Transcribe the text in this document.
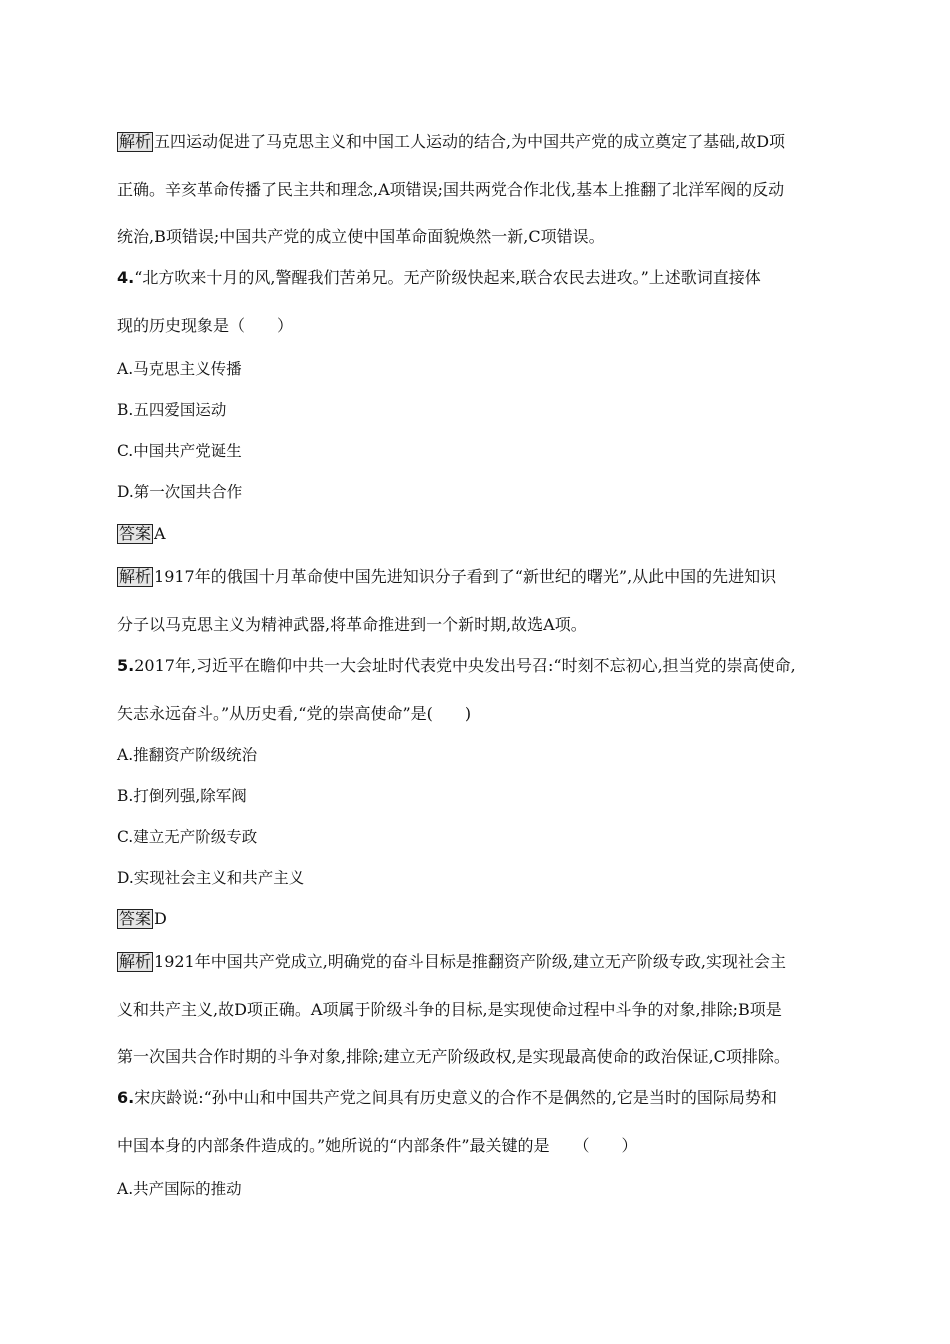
解析 五四运动促进了马克思主义和中国工人运动的结合,为中国共产党的成立奠定了基础,故D项
正确。辛亥革命传播了民主共和理念,A项错误;国共两党合作北伐,基本上推翻了北洋军阀的反动
统治,B项错误;中国共产党的成立使中国革命面貌焕然一新,C项错误。
4.“北方吹来十月的风,警醒我们苦弟兄。无产阶级快起来,联合农民去进攻。”上述歌词直接体
现的历史现象是（　　）
A.马克思主义传播
B.五四爱国运动
C.中国共产党诞生
D.第一次国共合作
答案 A
解析 1917年的俄国十月革命使中国先进知识分子看到了“新世纪的曙光”,从此中国的先进知识
分子以马克思主义为精神武器,将革命推进到一个新时期,故选A项。
5.2017年,习近平在瞻仰中共一大会址时代表党中央发出号召:“时刻不忘初心,担当党的崇高使命,
矢志永远奋斗。”从历史看,“党的崇高使命”是(　　)
A.推翻资产阶级统治
B.打倒列强,除军阀
C.建立无产阶级专政
D.实现社会主义和共产主义
答案 D
解析 1921年中国共产党成立,明确党的奋斗目标是推翻资产阶级,建立无产阶级专政,实现社会主
义和共产主义,故D项正确。A项属于阶级斗争的目标,是实现使命过程中斗争的对象,排除;B项是
第一次国共合作时期的斗争对象,排除;建立无产阶级政权,是实现最高使命的政治保证,C项排除。
6.宋庆龄说:“孙中山和中国共产党之间具有历史意义的合作不是偶然的,它是当时的国际局势和
中国本身的内部条件造成的。”她所说的“内部条件”最关键的是　　（　　）
A.共产国际的推动
